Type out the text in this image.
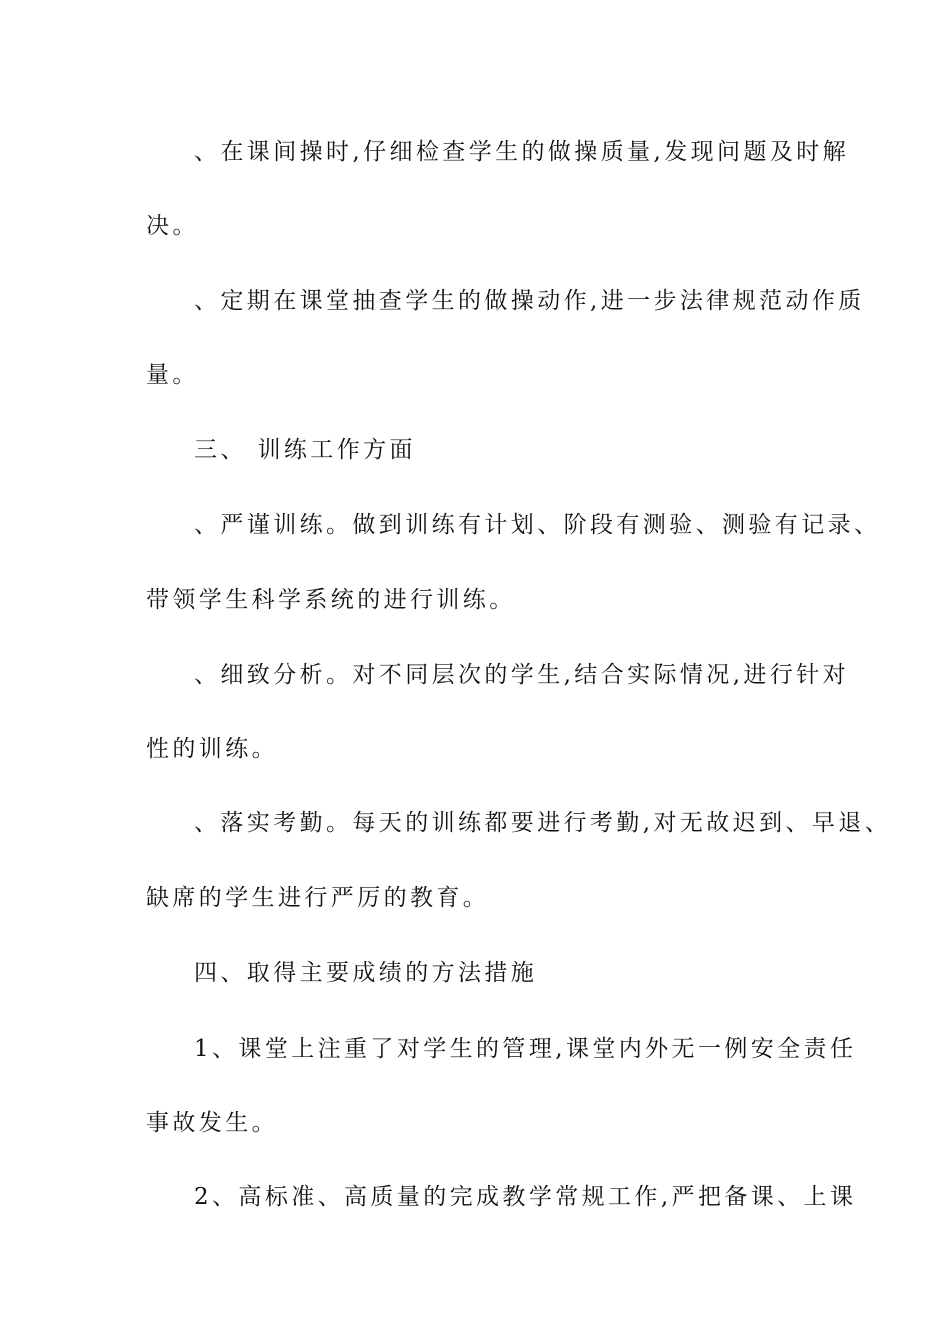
、在课间操时,仔细检查学生的做操质量,发现问题及时解
决。
、定期在课堂抽查学生的做操动作,进一步法律规范动作质
量。
三、 训练工作方面
、严谨训练。做到训练有计划、阶段有测验、测验有记录、
带领学生科学系统的进行训练。
、细致分析。对不同层次的学生,结合实际情况,进行针对
性的训练。
、落实考勤。每天的训练都要进行考勤,对无故迟到、早退、
缺席的学生进行严厉的教育。
四、取得主要成绩的方法措施
1、课堂上注重了对学生的管理,课堂内外无一例安全责任
事故发生。
2、高标准、高质量的完成教学常规工作,严把备课、上课
